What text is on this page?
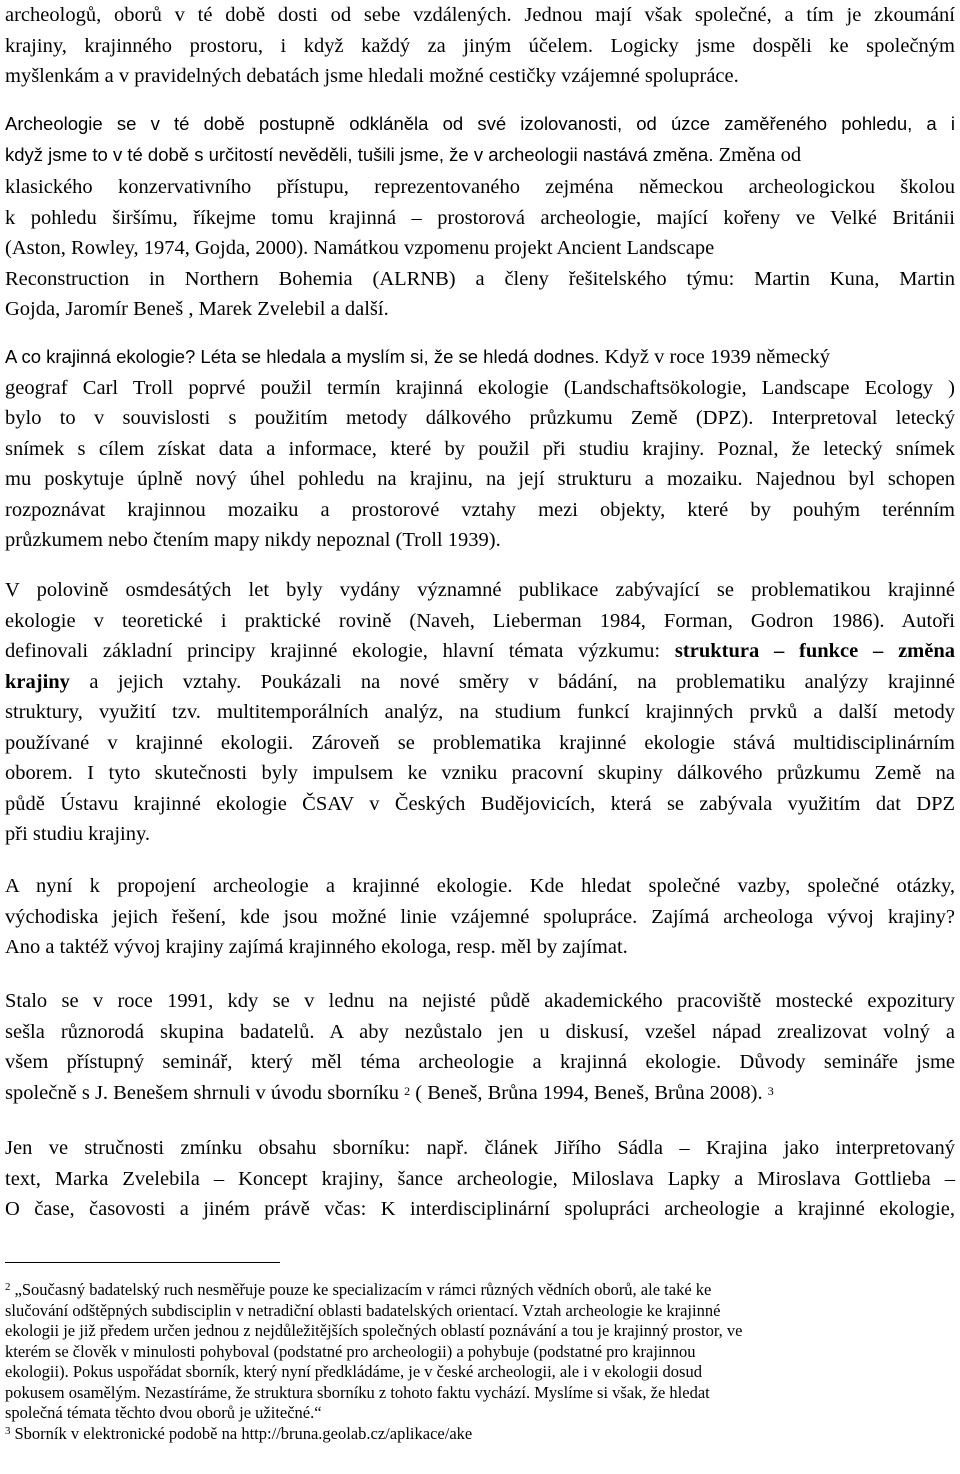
archeologů, oborů v té době dosti od sebe vzdálených. Jednou mají však společné, a tím je zkoumání
krajiny, krajinného prostoru, i když každý za jiným účelem. Logicky jsme dospěli ke společným
myšlenkám a v pravidelných debatách jsme hledali možné cestičky vzájemné spolupráce.
Archeologie se v té době postupně odkláněla od své izolovanosti, od úzce zaměřeného pohledu, a i
když jsme to v té době s určitostí nevěděli, tušili jsme, že v archeologii nastává změna. Změna od
klasického konzervativního přístupu, reprezentovaného zejména německou archeologickou školou
k pohledu širšímu, říkejme tomu krajinná – prostorová archeologie, mající kořeny ve Velké Británii
(Aston, Rowley, 1974, Gojda, 2000). Namátkou vzpomenu projekt Ancient Landscape
Reconstruction in Northern Bohemia (ALRNB) a členy řešitelského týmu: Martin Kuna, Martin
Gojda, Jaromír Beneš , Marek Zvelebil a další.
A co krajinná ekologie? Léta se hledala a myslím si, že se hledá dodnes. Když v roce 1939 německý
geograf Carl Troll poprvé použil termín krajinná ekologie (Landschaftsökologie, Landscape Ecology )
bylo to v souvislosti s použitím metody dálkového průzkumu Země (DPZ). Interpretoval letecký
snímek s cílem získat data a informace, které by použil při studiu krajiny. Poznal, že letecký snímek
mu poskytuje úplně nový úhel pohledu na krajinu, na její strukturu a mozaiku. Najednou byl schopen
rozpoznávat krajinnou mozaiku a prostorové vztahy mezi objekty, které by pouhým terénním
průzkumem nebo čtením mapy nikdy nepoznal (Troll 1939).
V polovině osmdesátých let byly vydány významné publikace zabývající se problematikou krajinné
ekologie v teoretické i praktické rovině (Naveh, Lieberman 1984, Forman, Godron 1986). Autoři
definovali základní principy krajinné ekologie, hlavní témata výzkumu: struktura – funkce – změna
krajiny a jejich vztahy. Poukázali na nové směry v bádání, na problematiku analýzy krajinné
struktury, využití tzv. multitemporálních analýz, na studium funkcí krajinných prvků a další metody
používané v krajinné ekologii. Zároveň se problematika krajinné ekologie stává multidisciplinárním
oborem. I tyto skutečnosti byly impulsem ke vzniku pracovní skupiny dálkového průzkumu Země na
půdě Ústavu krajinné ekologie ČSAV v Českých Budějovicích, která se zabývala využitím dat DPZ
při studiu krajiny.
A nyní k propojení archeologie a krajinné ekologie. Kde hledat společné vazby, společné otázky,
východiska jejich řešení, kde jsou možné linie vzájemné spolupráce. Zajímá archeologa vývoj krajiny?
Ano a taktéž vývoj krajiny zajímá krajinného ekologa, resp. měl by zajímat.
Stalo se v roce 1991, kdy se v lednu na nejisté půdě akademického pracoviště mostecké expozitury
sešla různorodá skupina badatelů. A aby nezůstalo jen u diskusí, vzešel nápad zrealizovat volný a
všem přístupný seminář, který měl téma archeologie a krajinná ekologie. Důvody semináře jsme
společně s J. Benešem shrnuli v úvodu sborníku $^2$ ( Beneš, Brůna 1994, Beneš, Brůna 2008). $^3$
Jen ve stručnosti zmínku obsahu sborníku: např. článek Jiřího Sádla – Krajina jako interpretovaný
text, Marka Zvelebila – Koncept krajiny, šance archeologie, Miloslava Lapky a Miroslava Gottlieba –
O čase, časovosti a jiném právě včas: K interdisciplinární spolupráci archeologie a krajinné ekologie,
$^2$ „Současný badatelský ruch nesměřuje pouze ke specializacím v rámci různých vědních oborů, ale také ke
slučování odštěpných subdisciplin v netradiční oblasti badatelských orientací. Vztah archeologie ke krajinné
ekologii je již předem určen jednou z nejdůležitějších společných oblastí poznávání a tou je krajinný prostor, ve
kterém se člověk v minulosti pohyboval (podstatné pro archeologii) a pohybuje (podstatné pro krajinnou
ekologii). Pokus uspořádat sborník, který nyní předkládáme, je v české archeologii, ale i v ekologii dosud
pokusem osamělým. Nezastíráme, že struktura sborníku z tohoto faktu vychází. Myslíme si však, že hledat
společná témata těchto dvou oborů je užitečné.“
$^3$ Sborník v elektronické podobě na http://bruna.geolab.cz/aplikace/ake
